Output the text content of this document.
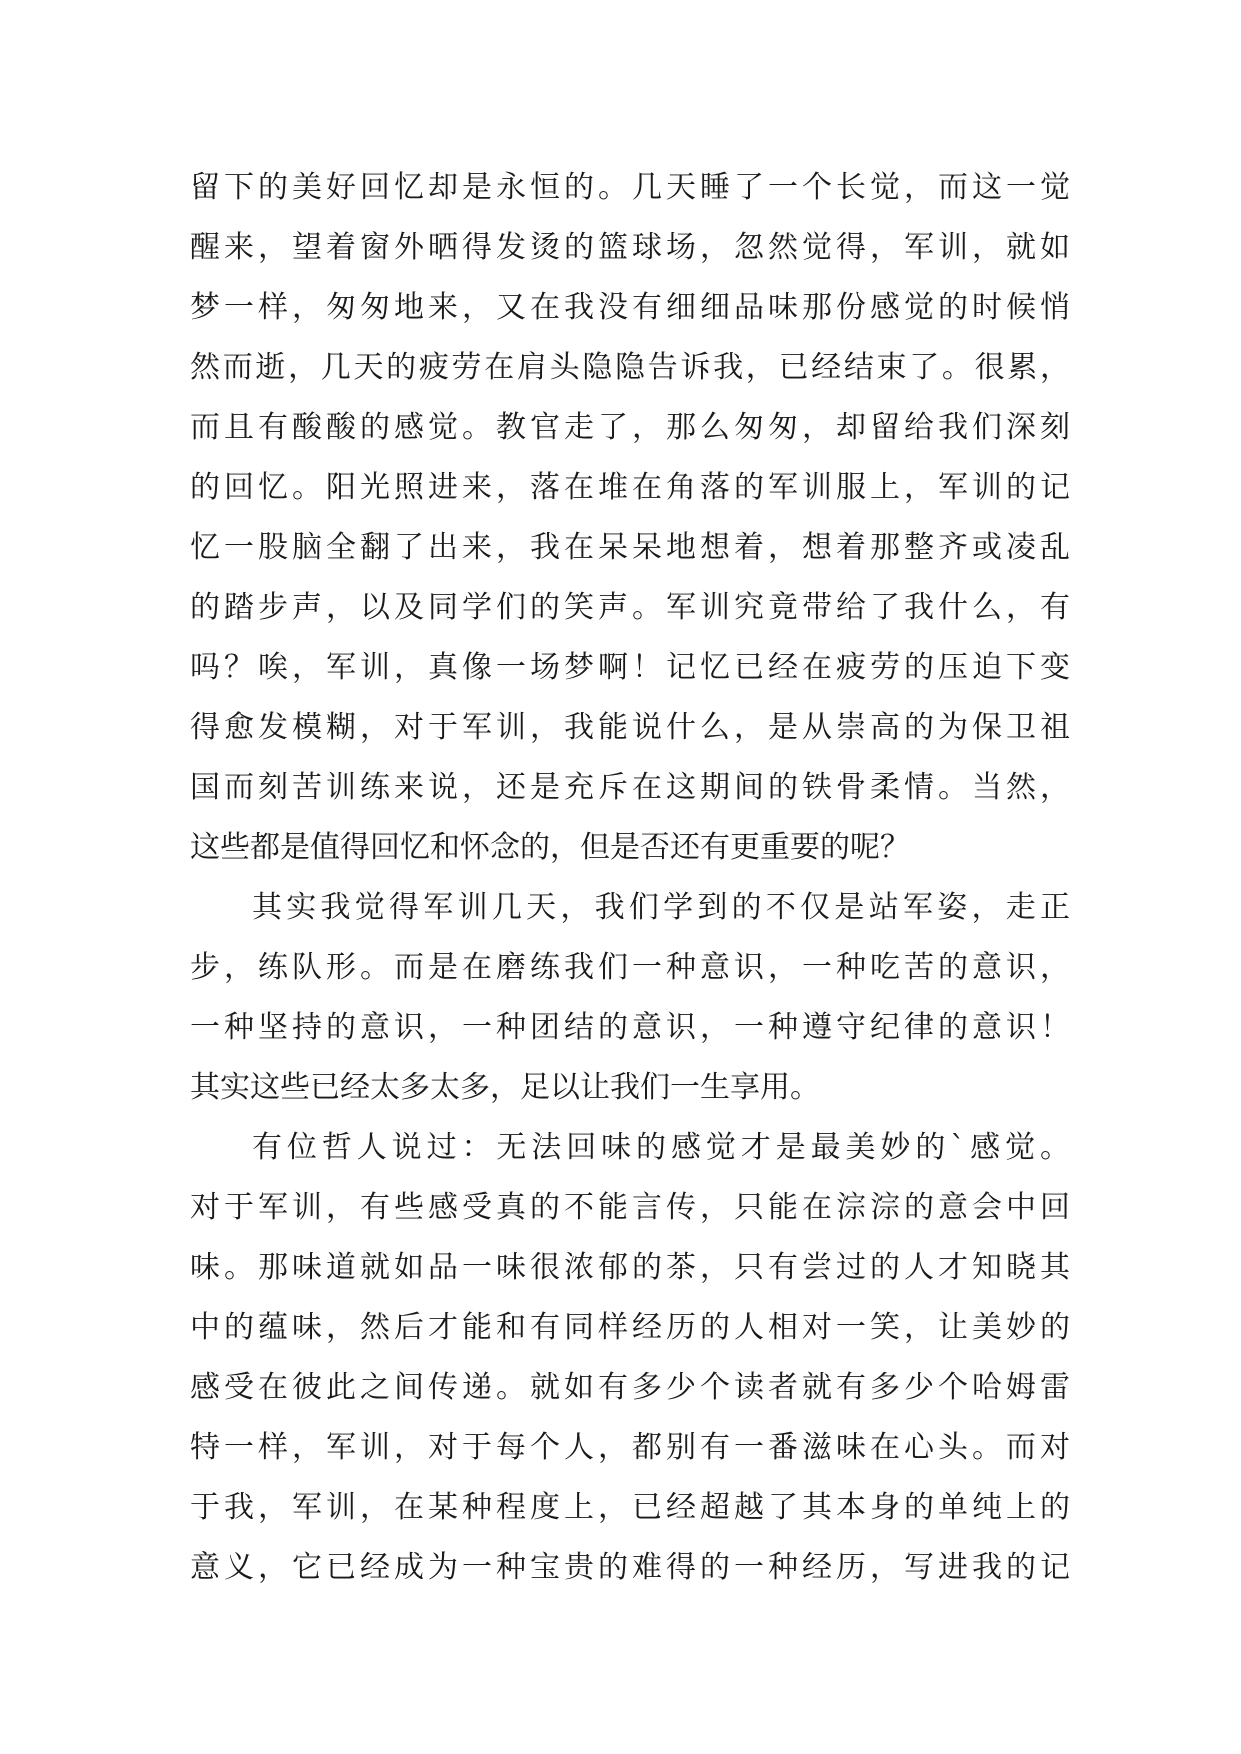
留下的美好回忆却是永恒的。几天睡了一个长觉，而这一觉
醒来，望着窗外晒得发烫的篮球场，忽然觉得，军训，就如
梦一样，匆匆地来，又在我没有细细品味那份感觉的时候悄
然而逝，几天的疲劳在肩头隐隐告诉我，已经结束了。很累，
而且有酸酸的感觉。教官走了，那么匆匆，却留给我们深刻
的回忆。阳光照进来，落在堆在角落的军训服上，军训的记
忆一股脑全翻了出来，我在呆呆地想着，想着那整齐或凌乱
的踏步声，以及同学们的笑声。军训究竟带给了我什么，有
吗？唉，军训，真像一场梦啊！记忆已经在疲劳的压迫下变
得愈发模糊，对于军训，我能说什么，是从崇高的为保卫祖
国而刻苦训练来说，还是充斥在这期间的铁骨柔情。当然，
这些都是值得回忆和怀念的，但是否还有更重要的呢？
其实我觉得军训几天，我们学到的不仅是站军姿，走正
步，练队形。而是在磨练我们一种意识，一种吃苦的意识，
一种坚持的意识，一种团结的意识，一种遵守纪律的意识！
其实这些已经太多太多，足以让我们一生享用。
有位哲人说过：无法回味的感觉才是最美妙的`感觉。
对于军训，有些感受真的不能言传，只能在淙淙的意会中回
味。那味道就如品一味很浓郁的茶，只有尝过的人才知晓其
中的蕴味，然后才能和有同样经历的人相对一笑，让美妙的
感受在彼此之间传递。就如有多少个读者就有多少个哈姆雷
特一样，军训，对于每个人，都别有一番滋味在心头。而对
于我，军训，在某种程度上，已经超越了其本身的单纯上的
意义，它已经成为一种宝贵的难得的一种经历，写进我的记
